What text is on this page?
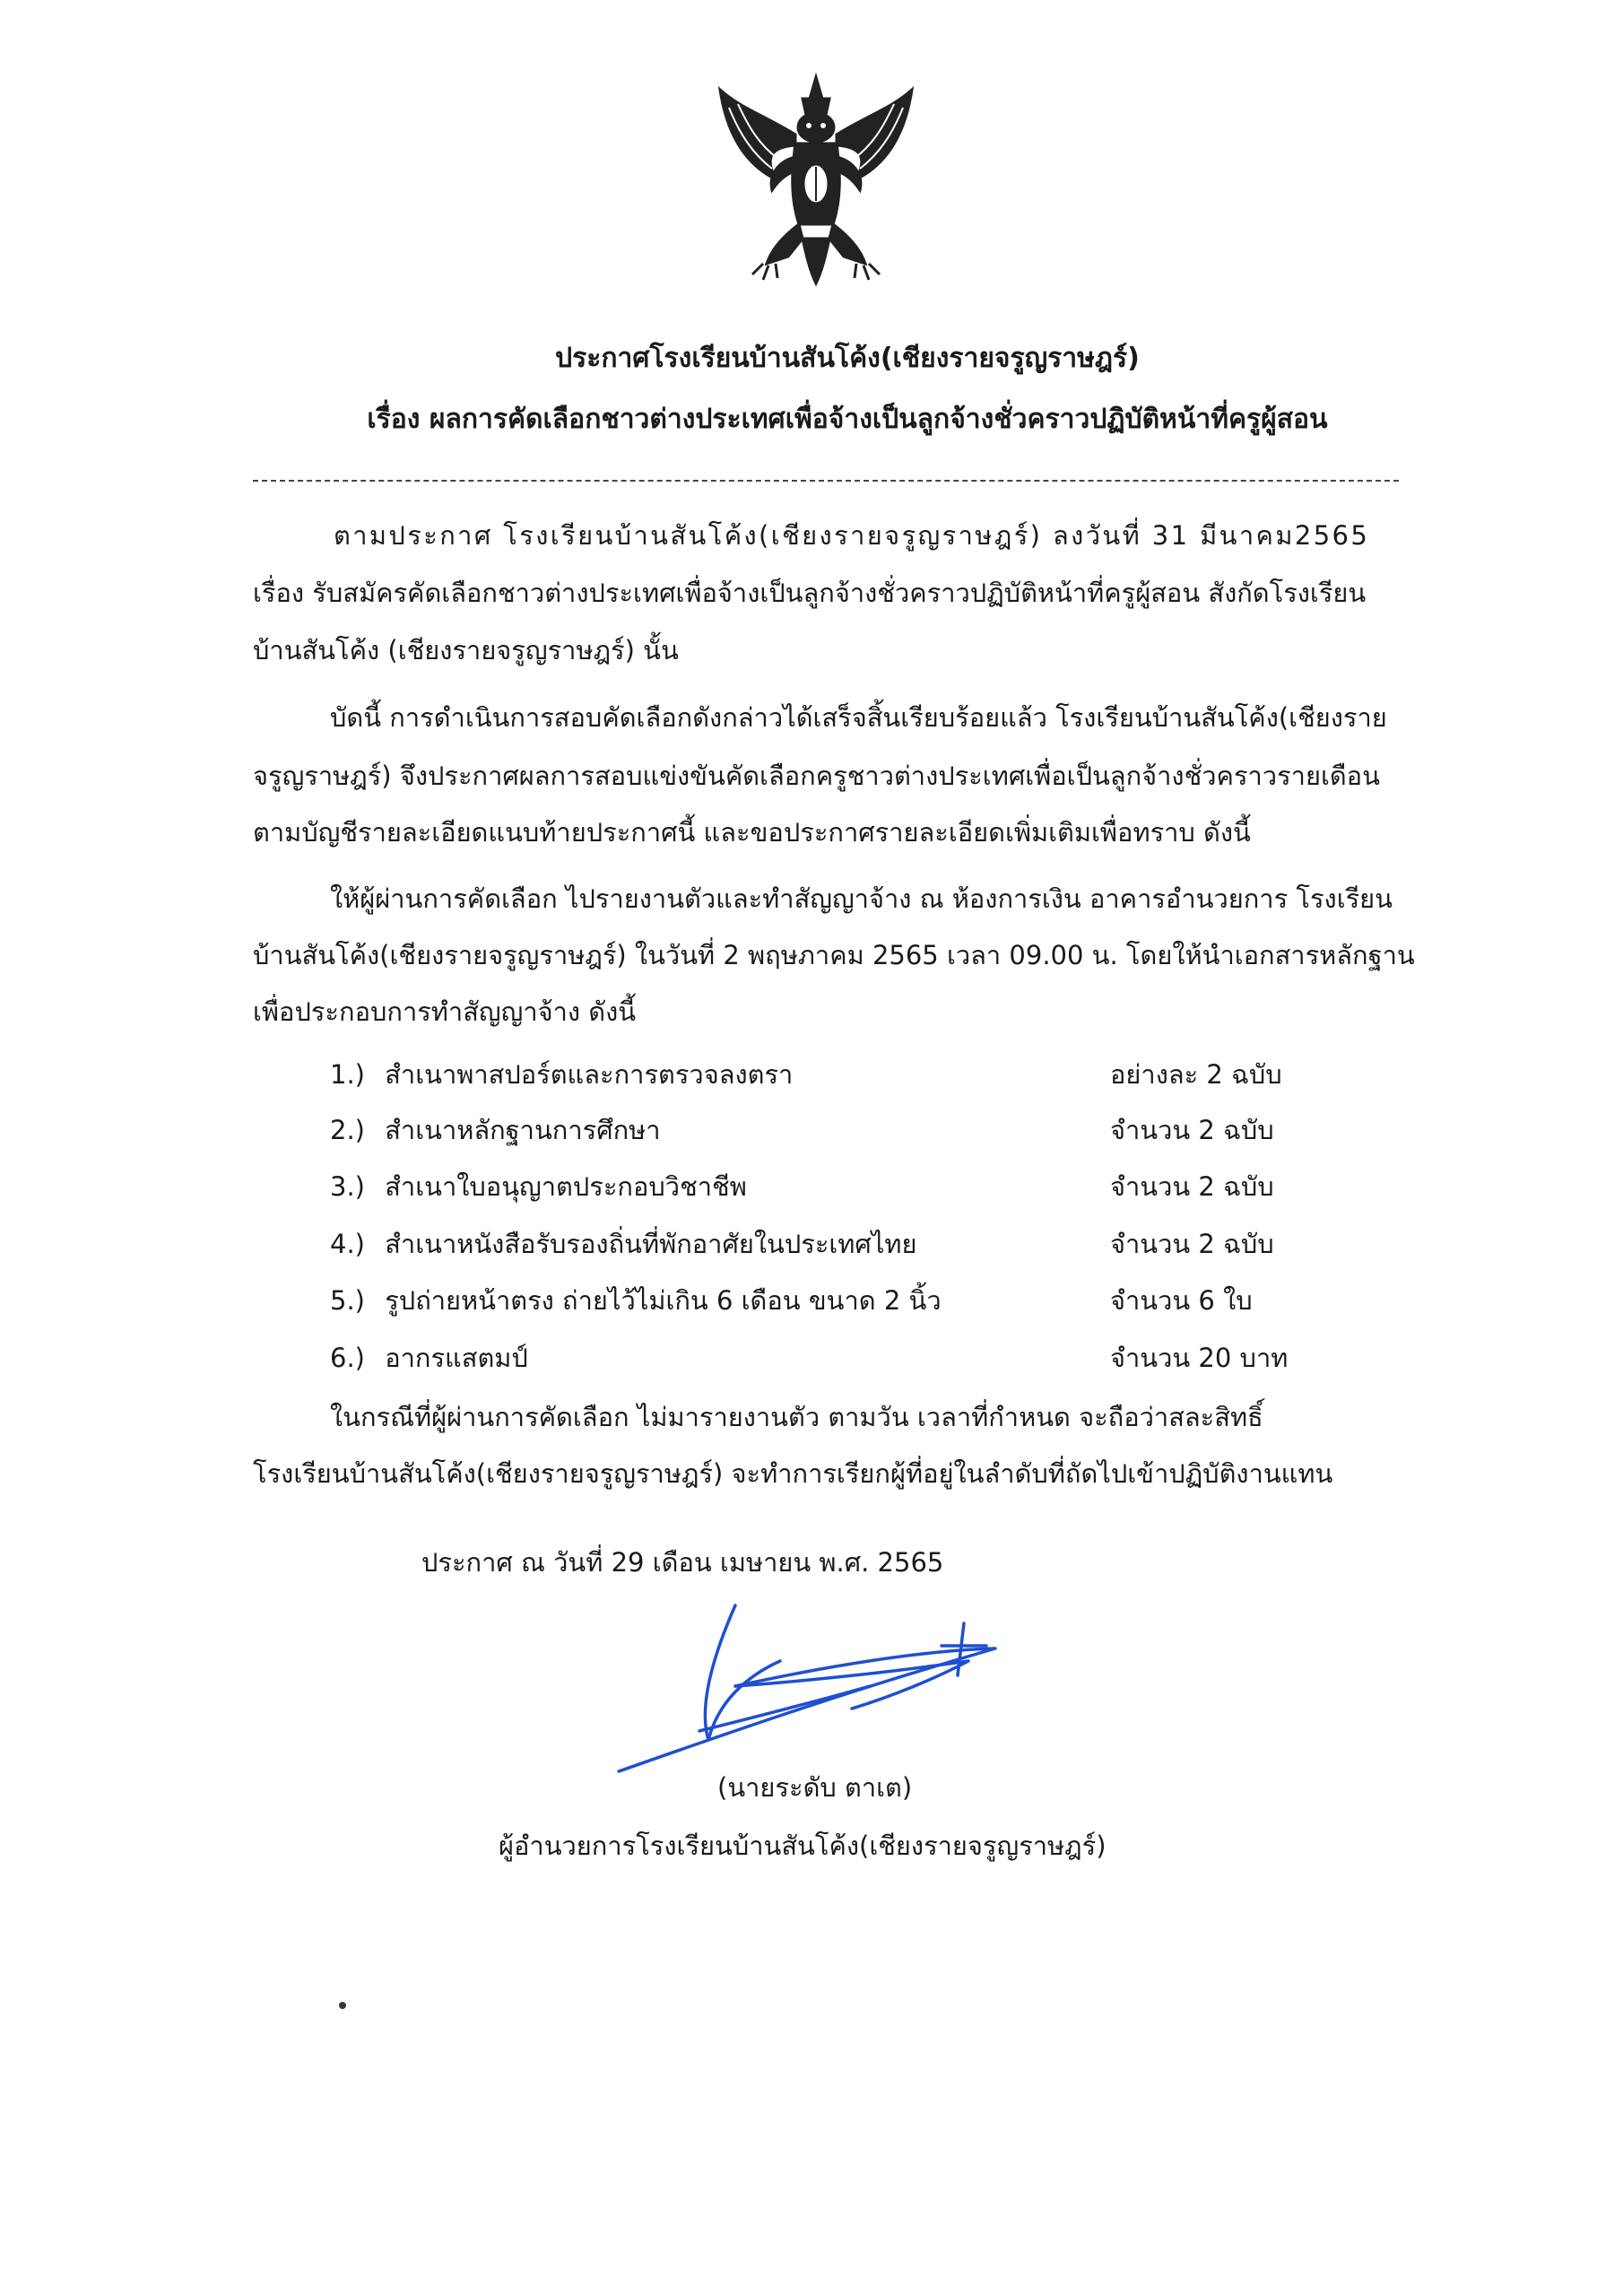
ประกาศโรงเรียนบ้านสันโค้ง(เชียงรายจรูญราษฎร์)
เรื่อง ผลการคัดเลือกชาวต่างประเทศเพื่อจ้างเป็นลูกจ้างชั่วคราวปฏิบัติหน้าที่ครูผู้สอน
ตามประกาศ โรงเรียนบ้านสันโค้ง(เชียงรายจรูญราษฎร์) ลงวันที่ 31 มีนาคม2565
เรื่อง รับสมัครคัดเลือกชาวต่างประเทศเพื่อจ้างเป็นลูกจ้างชั่วคราวปฏิบัติหน้าที่ครูผู้สอน สังกัดโรงเรียน
บ้านสันโค้ง (เชียงรายจรูญราษฎร์) นั้น
บัดนี้ การดำเนินการสอบคัดเลือกดังกล่าวได้เสร็จสิ้นเรียบร้อยแล้ว โรงเรียนบ้านสันโค้ง(เชียงราย
จรูญราษฎร์) จึงประกาศผลการสอบแข่งขันคัดเลือกครูชาวต่างประเทศเพื่อเป็นลูกจ้างชั่วคราวรายเดือน
ตามบัญชีรายละเอียดแนบท้ายประกาศนี้ และขอประกาศรายละเอียดเพิ่มเติมเพื่อทราบ ดังนี้
ให้ผู้ผ่านการคัดเลือก ไปรายงานตัวและทำสัญญาจ้าง ณ ห้องการเงิน อาคารอำนวยการ โรงเรียน
บ้านสันโค้ง(เชียงรายจรูญราษฎร์) ในวันที่ 2 พฤษภาคม 2565 เวลา 09.00 น. โดยให้นำเอกสารหลักฐาน
เพื่อประกอบการทำสัญญาจ้าง ดังนี้
1.) สำเนาพาสปอร์ตและการตรวจลงตรา	อย่างละ 2 ฉบับ
2.) สำเนาหลักฐานการศึกษา	จำนวน 2 ฉบับ
3.) สำเนาใบอนุญาตประกอบวิชาชีพ	จำนวน 2 ฉบับ
4.) สำเนาหนังสือรับรองถิ่นที่พักอาศัยในประเทศไทย	จำนวน 2 ฉบับ
5.) รูปถ่ายหน้าตรง ถ่ายไว้ไม่เกิน 6 เดือน ขนาด 2 นิ้ว	จำนวน 6 ใบ
6.) อากรแสตมป์	จำนวน 20 บาท
ในกรณีที่ผู้ผ่านการคัดเลือก ไม่มารายงานตัว ตามวัน เวลาที่กำหนด จะถือว่าสละสิทธิ์
โรงเรียนบ้านสันโค้ง(เชียงรายจรูญราษฎร์) จะทำการเรียกผู้ที่อยู่ในลำดับที่ถัดไปเข้าปฏิบัติงานแทน
ประกาศ ณ วันที่ 29 เดือน เมษายน พ.ศ. 2565
(นายระดับ ตาเต)
ผู้อำนวยการโรงเรียนบ้านสันโค้ง(เชียงรายจรูญราษฎร์)
